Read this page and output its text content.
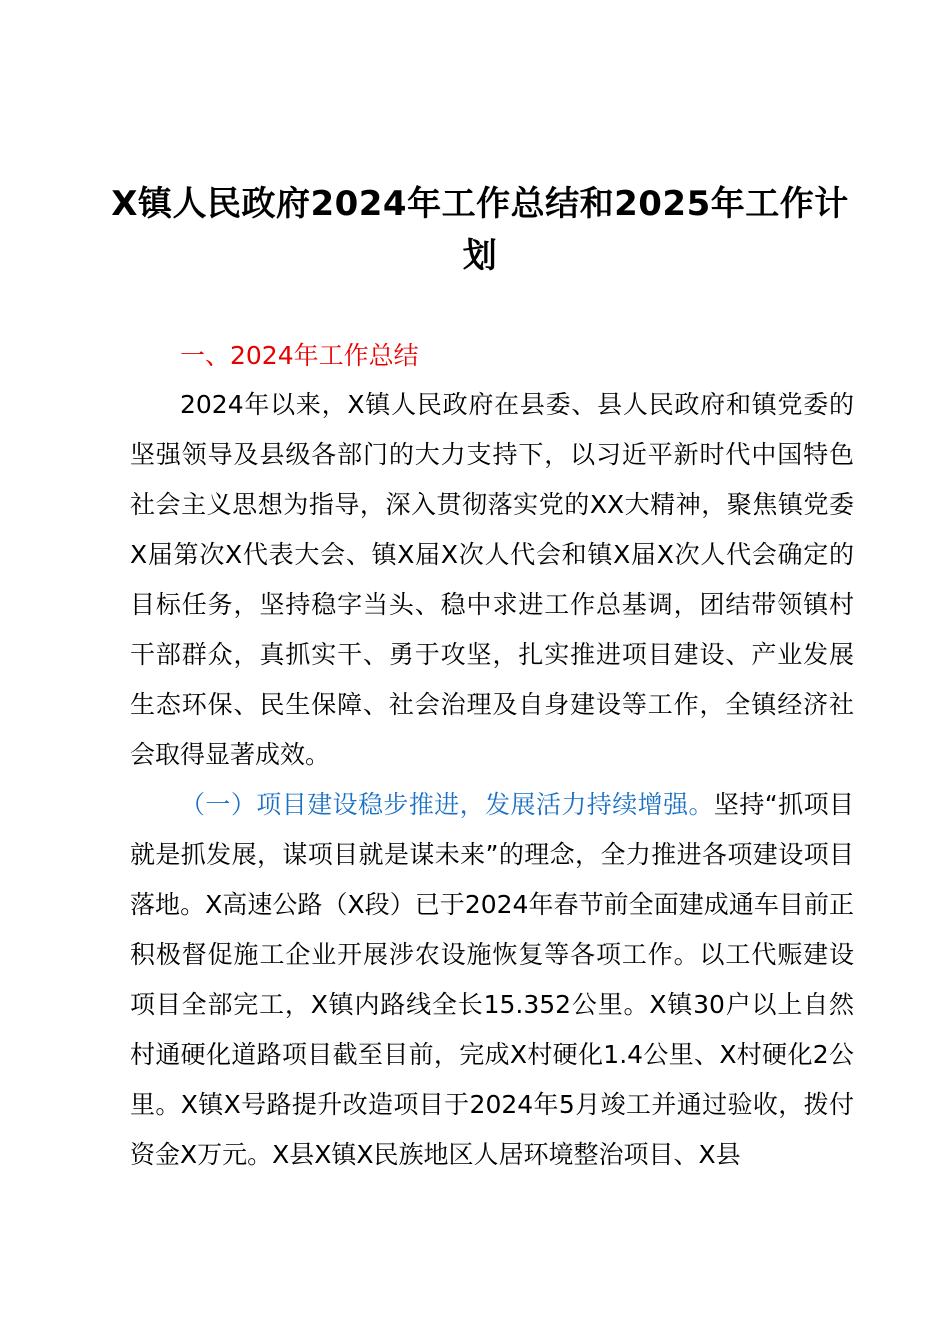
X镇人民政府2024年工作总结和2025年工作计划
一、2024年工作总结
2024年以来，X镇人民政府在县委、县人民政府和镇党委的坚强领导及县级各部门的大力支持下，以习近平新时代中国特色社会主义思想为指导，深入贯彻落实党的XX大精神，聚焦镇党委X届第次X代表大会、镇X届X次人代会和镇X届X次人代会确定的目标任务，坚持稳字当头、稳中求进工作总基调，团结带领镇村干部群众，真抓实干、勇于攻坚，扎实推进项目建设、产业发展生态环保、民生保障、社会治理及自身建设等工作，全镇经济社会取得显著成效。
（一）项目建设稳步推进，发展活力持续增强。坚持“抓项目就是抓发展，谋项目就是谋未来”的理念，全力推进各项建设项目落地。X高速公路（X段）已于2024年春节前全面建成通车目前正积极督促施工企业开展涉农设施恢复等各项工作。以工代赈建设项目全部完工，X镇内路线全长15.352公里。X镇30户以上自然村通硬化道路项目截至目前，完成X村硬化1.4公里、X村硬化2公里。X镇X号路提升改造项目于2024年5月竣工并通过验收，拨付资金X万元。X县X镇X民族地区人居环境整治项目、X县
